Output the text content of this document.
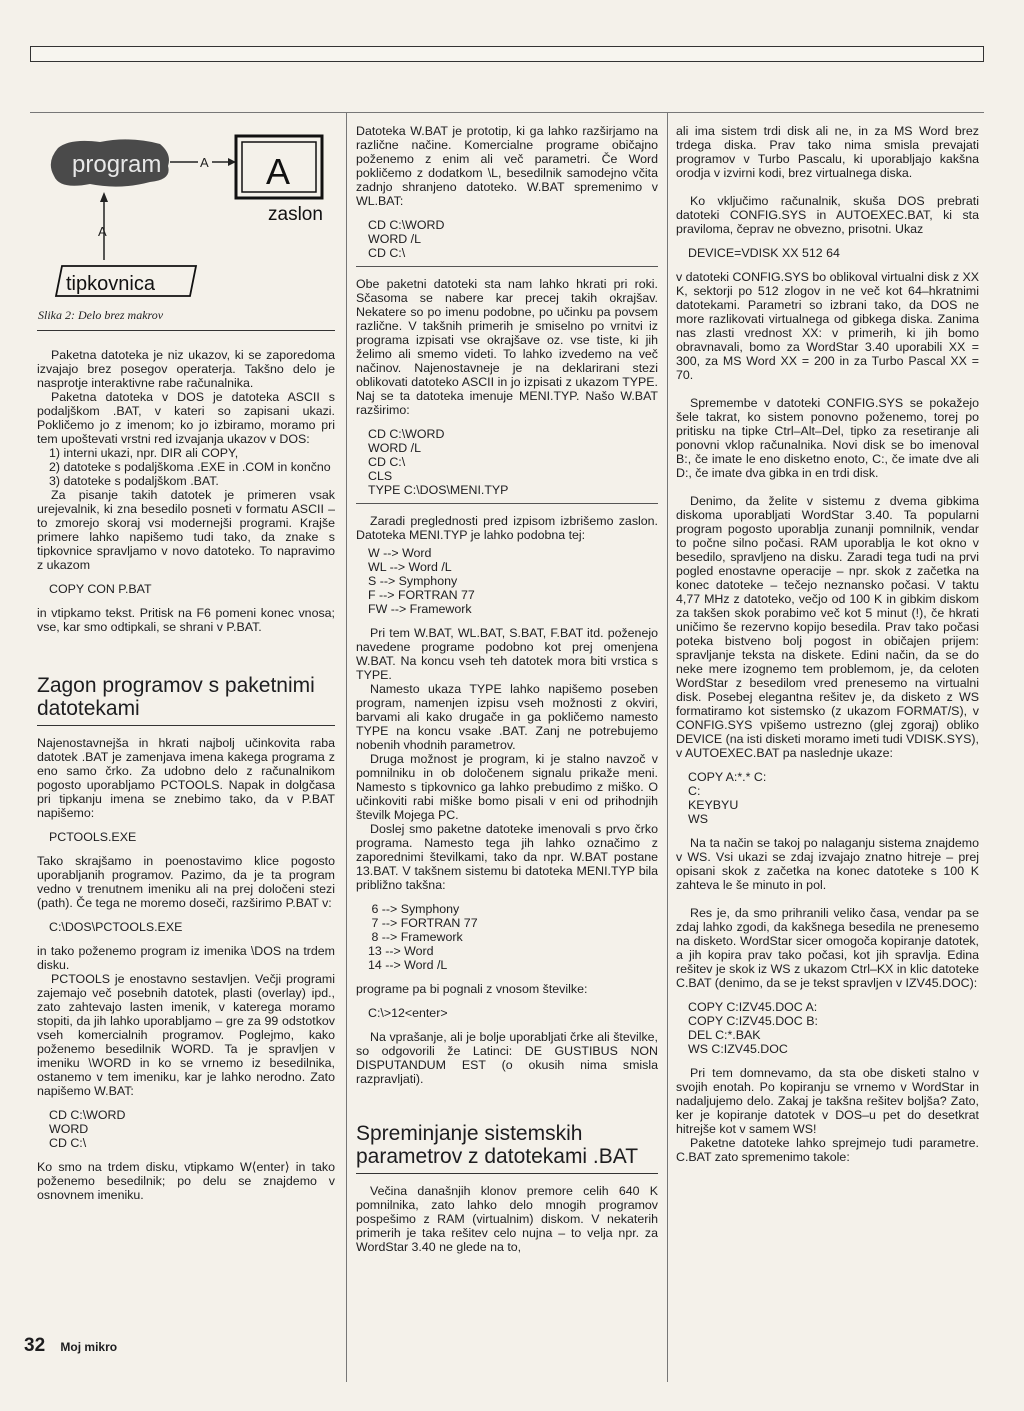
program	A A
zaslon
A
tipkovnica
Slika 2: Delo brez makrov

Paketna datoteka je niz ukazov, ki se zaporedoma izvajajo brez posegov operaterja. Takšno delo je nasprotje interaktivne rabe računalnika.

Paketna datoteka v DOS je datoteka ASCII s podaljškom .BAT, v kateri so zapisani ukazi. Pokličemo jo z imenom; ko jo izbiramo, moramo pri tem upoštevati vrstni red izvajanja ukazov v DOS:

1) interni ukazi, npr. DIR ali COPY,
2) datoteke s podaljškoma .EXE in .COM in končno
3) datoteke s podaljškom .BAT.

Za pisanje takih datotek je primeren vsak urejevalnik, ki zna besedilo posneti v formatu ASCII – to zmorejo skoraj vsi modernejši programi. Krajše primere lahko napišemo tudi tako, da znake s tipkovnice spravljamo v novo datoteko. To napravimo z ukazom

COPY CON P.BAT

in vtipkamo tekst. Pritisk na F6 pomeni konec vnosa; vse, kar smo odtipkali, se shrani v P.BAT.

Zagon programov s paketnimi datotekami

Najenostavnejša in hkrati najbolj učinkovita raba datotek .BAT je zamenjava imena kakega programa z eno samo črko. Za udobno delo z računalnikom pogosto uporabljamo PCTOOLS. Napak in dolgčasa pri tipkanju imena se znebimo tako, da v P.BAT napišemo:

PCTOOLS.EXE

Tako skrajšamo in poenostavimo klice pogosto uporabljanih programov. Pazimo, da je ta program vedno v trenutnem imeniku ali na prej določeni stezi (path). Če tega ne moremo doseči, razširimo P.BAT v:

C:\DOS\PCTOOLS.EXE

in tako poženemo program iz imenika \DOS na trdem disku.

PCTOOLS je enostavno sestavljen. Večji programi zajemajo več posebnih datotek, plasti (overlay) ipd., zato zahtevajo lasten imenik, v katerega moramo stopiti, da jih lahko uporabljamo – gre za 99 odstotkov vseh komercialnih programov. Poglejmo, kako poženemo besedilnik WORD. Ta je spravljen v imeniku \WORD in ko se vrnemo iz besedilnika, ostanemo v tem imeniku, kar je lahko nerodno. Zato napišemo W.BAT:

CD C:\WORD
WORD
CD C:\

Ko smo na trdem disku, vtipkamo W⟨enter⟩ in tako poženemo besedilnik; po delu se znajdemo v osnovnem imeniku.

Datoteka W.BAT je prototip, ki ga lahko razširjamo na različne načine. Komercialne programe običajno poženemo z enim ali več parametri. Če Word pokličemo z dodatkom \L, besedilnik samodejno včita zadnjo shranjeno datoteko. W.BAT spremenimo v WL.BAT:

CD C:\WORD
WORD /L
CD C:\

Obe paketni datoteki sta nam lahko hkrati pri roki. Sčasoma se nabere kar precej takih okrajšav. Nekatere so po imenu podobne, po učinku pa povsem različne. V takšnih primerih je smiselno po vrnitvi iz programa izpisati vse okrajšave oz. vse tiste, ki jih želimo ali smemo videti. To lahko izvedemo na več načinov. Najenostavneje je na deklarirani stezi oblikovati datoteko ASCII in jo izpisati z ukazom TYPE. Naj se ta datoteka imenuje MENI.TYP. Našo W.BAT razširimo:

CD C:\WORD
WORD /L
CD C:\
CLS
TYPE C:\DOS\MENI.TYP

Zaradi preglednosti pred izpisom izbrišemo zaslon. Datoteka MENI.TYP je lahko podobna tej:

W --> Word
WL --> Word /L
S --> Symphony
F --> FORTRAN 77
FW --> Framework

Pri tem W.BAT, WL.BAT, S.BAT, F.BAT itd. poženejo navedene programe podobno kot prej omenjena W.BAT. Na koncu vseh teh datotek mora biti vrstica s TYPE.

Namesto ukaza TYPE lahko napišemo poseben program, namenjen izpisu vseh možnosti z okviri, barvami ali kako drugače in ga pokličemo namesto TYPE na koncu vsake .BAT. Zanj ne potrebujemo nobenih vhodnih parametrov.

Druga možnost je program, ki je stalno navzoč v pomnilniku in ob določenem signalu prikaže meni. Namesto s tipkovnico ga lahko prebudimo z miško. O učinkoviti rabi miške bomo pisali v eni od prihodnjih številk Mojega PC.

Doslej smo paketne datoteke imenovali s prvo črko programa. Namesto tega jih lahko označimo z zaporednimi številkami, tako da npr. W.BAT postane 13.BAT. V takšnem sistemu bi datoteka MENI.TYP bila približno takšna:

6 --> Symphony
7 --> FORTRAN 77
8 --> Framework
13 --> Word
14 --> Word /L

programe pa bi pognali z vnosom številke:

C:\>12<enter>

Na vprašanje, ali je bolje uporabljati črke ali številke, so odgovorili že Latinci: DE GUSTIBUS NON DISPUTANDUM EST (o okusih nima smisla razpravljati).

Spreminjanje sistemskih parametrov z datotekami .BAT

Večina današnjih klonov premore celih 640 K pomnilnika, zato lahko delo mnogih programov pospešimo z RAM (virtualnim) diskom. V nekaterih primerih je taka rešitev celo nujna – to velja npr. za WordStar 3.40 ne glede na to,

ali ima sistem trdi disk ali ne, in za MS Word brez trdega diska. Prav tako nima smisla prevajati programov v Turbo Pascalu, ki uporabljajo kakšna orodja v izvirni kodi, brez virtualnega diska.

Ko vključimo računalnik, skuša DOS prebrati datoteki CONFIG.SYS in AUTOEXEC.BAT, ki sta praviloma, čeprav ne obvezno, prisotni. Ukaz

DEVICE=VDISK XX 512 64

v datoteki CONFIG.SYS bo oblikoval virtualni disk z XX K, sektorji po 512 zlogov in ne več kot 64–hkratnimi datotekami. Parametri so izbrani tako, da DOS ne more razlikovati virtualnega od gibkega diska. Zanima nas zlasti vrednost XX: v primerih, ki jih bomo obravnavali, bomo za WordStar 3.40 uporabili XX = 300, za MS Word XX = 200 in za Turbo Pascal XX = 70.

Spremembe v datoteki CONFIG.SYS se pokažejo šele takrat, ko sistem ponovno poženemo, torej po pritisku na tipke Ctrl–Alt–Del, tipko za resetiranje ali ponovni vklop računalnika. Novi disk se bo imenoval B:, če imate le eno disketno enoto, C:, če imate dve ali D:, če imate dva gibka in en trdi disk.

Denimo, da želite v sistemu z dvema gibkima diskoma uporabljati WordStar 3.40. Ta popularni program pogosto uporablja zunanji pomnilnik, vendar to počne silno počasi. RAM uporablja le kot okno v besedilo, spravljeno na disku. Zaradi tega tudi na prvi pogled enostavne operacije – npr. skok z začetka na konec datoteke – tečejo neznansko počasi. V taktu 4,77 MHz z datoteko, večjo od 100 K in gibkim diskom za takšen skok porabimo več kot 5 minut (!), če hkrati uničimo še rezervno kopijo besedila. Prav tako počasi poteka bistveno bolj pogost in običajen prijem: spravljanje teksta na diskete. Edini način, da se do neke mere izognemo tem problemom, je, da celoten WordStar z besedilom vred prenesemo na virtualni disk. Posebej elegantna rešitev je, da disketo z WS formatiramo kot sistemsko (z ukazom FORMAT/S), v CONFIG.SYS vpišemo ustrezno (glej zgoraj) obliko DEVICE (na isti disketi moramo imeti tudi VDISK.SYS), v AUTOEXEC.BAT pa naslednje ukaze:

COPY A:*.* C:
C:
KEYBYU
WS

Na ta način se takoj po nalaganju sistema znajdemo v WS. Vsi ukazi se zdaj izvajajo znatno hitreje – prej opisani skok z začetka na konec datoteke s 100 K zahteva le še minuto in pol.

Res je, da smo prihranili veliko časa, vendar pa se zdaj lahko zgodi, da kakšnega besedila ne prenesemo na disketo. WordStar sicer omogoča kopiranje datotek, a jih kopira prav tako počasi, kot jih spravlja. Edina rešitev je skok iz WS z ukazom Ctrl–KX in klic datoteke C.BAT (denimo, da se je tekst spravljen v IZV45.DOC):

COPY C:IZV45.DOC A:
COPY C:IZV45.DOC B:
DEL C:*.BAK
WS C:IZV45.DOC

Pri tem domnevamo, da sta obe disketi stalno v svojih enotah. Po kopiranju se vrnemo v WordStar in nadaljujemo delo. Zakaj je takšna rešitev boljša? Zato, ker je kopiranje datotek v DOS–u pet do desetkrat hitrejše kot v samem WS!

Paketne datoteke lahko sprejmejo tudi parametre. C.BAT zato spremenimo takole:

32 Moj mikro
